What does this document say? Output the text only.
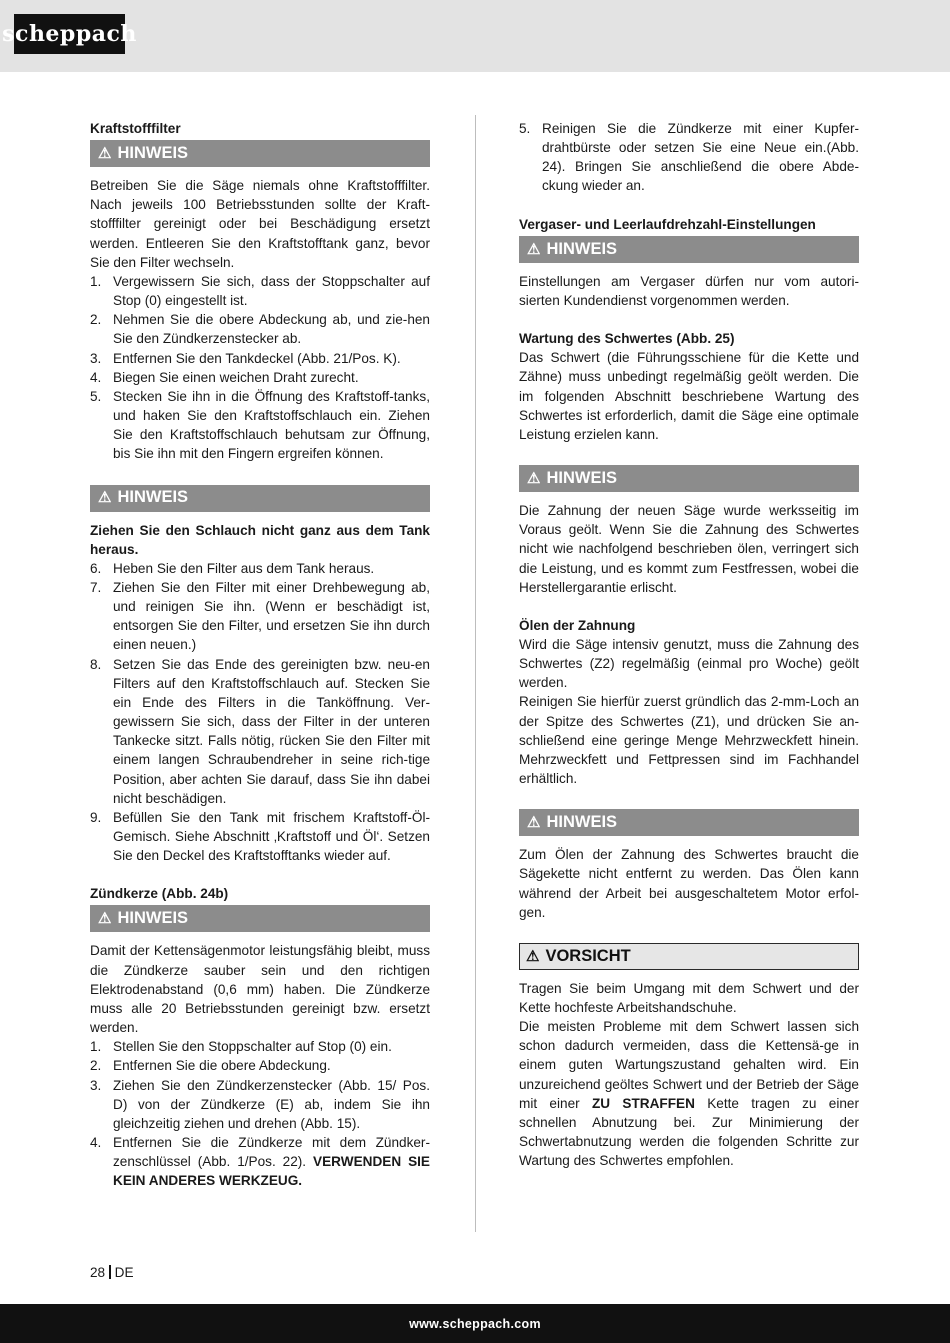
scheppach
Kraftstofffilter
⚠ HINWEIS

Betreiben Sie die Säge niemals ohne Kraftstofffilter. Nach jeweils 100 Betriebsstunden sollte der Kraft-stofffilter gereinigt oder bei Beschädigung ersetzt werden. Entleeren Sie den Kraftstofftank ganz, bevor Sie den Filter wechseln.

1. Vergewissern Sie sich, dass der Stoppschalter auf Stop (0) eingestellt ist.
2. Nehmen Sie die obere Abdeckung ab, und zie-hen Sie den Zündkerzenstecker ab.
3. Entfernen Sie den Tankdeckel (Abb. 21/Pos. K).
4. Biegen Sie einen weichen Draht zurecht.
5. Stecken Sie ihn in die Öffnung des Kraftstoff-tanks, und haken Sie den Kraftstoffschlauch ein. Ziehen Sie den Kraftstoffschlauch behutsam zur Öffnung, bis Sie ihn mit den Fingern ergreifen können.
⚠ HINWEIS

Ziehen Sie den Schlauch nicht ganz aus dem Tank heraus.

6. Heben Sie den Filter aus dem Tank heraus.
7. Ziehen Sie den Filter mit einer Drehbewegung ab, und reinigen Sie ihn. (Wenn er beschädigt ist, entsorgen Sie den Filter, und ersetzen Sie ihn durch einen neuen.)
8. Setzen Sie das Ende des gereinigten bzw. neu-en Filters auf den Kraftstoffschlauch auf. Stecken Sie ein Ende des Filters in die Tanköffnung. Ver-gewissern Sie sich, dass der Filter in der unteren Tankecke sitzt. Falls nötig, rücken Sie den Filter mit einem langen Schraubendreher in seine rich-tige Position, aber achten Sie darauf, dass Sie ihn dabei nicht beschädigen.
9. Befüllen Sie den Tank mit frischem Kraftstoff-Öl-Gemisch. Siehe Abschnitt ‚Kraftstoff und Öl‘. Setzen Sie den Deckel des Kraftstofftanks wieder auf.
Zündkerze (Abb. 24b)
⚠ HINWEIS

Damit der Kettensägenmotor leistungsfähig bleibt, muss die Zündkerze sauber sein und den richtigen Elektrodenabstand (0,6 mm) haben. Die Zündkerze muss alle 20 Betriebsstunden gereinigt bzw. ersetzt werden.

1. Stellen Sie den Stoppschalter auf Stop (0) ein.
2. Entfernen Sie die obere Abdeckung.
3. Ziehen Sie den Zündkerzenstecker (Abb. 15/ Pos. D) von der Zündkerze (E) ab, indem Sie ihn gleichzeitig ziehen und drehen (Abb. 15).
4. Entfernen Sie die Zündkerze mit dem Zündker-zenschlüssel (Abb. 1/Pos. 22). VERWENDEN SIE KEIN ANDERES WERKZEUG.
5. Reinigen Sie die Zündkerze mit einer Kupfer-drahtbürste oder setzen Sie eine Neue ein.(Abb. 24). Bringen Sie anschließend die obere Abde-ckung wieder an.
Vergaser- und Leerlaufdrehzahl-Einstellungen
⚠ HINWEIS

Einstellungen am Vergaser dürfen nur vom autori-sierten Kundendienst vorgenommen werden.

Wartung des Schwertes (Abb. 25)

Das Schwert (die Führungsschiene für die Kette und Zähne) muss unbedingt regelmäßig geölt werden. Die im folgenden Abschnitt beschriebene Wartung des Schwertes ist erforderlich, damit die Säge eine optimale Leistung erzielen kann.

⚠ HINWEIS

Die Zahnung der neuen Säge wurde werksseitig im Voraus geölt. Wenn Sie die Zahnung des Schwertes nicht wie nachfolgend beschrieben ölen, verringert sich die Leistung, und es kommt zum Festfressen, wobei die Herstellergarantie erlischt.

Ölen der Zahnung

Wird die Säge intensiv genutzt, muss die Zahnung des Schwertes (Z2) regelmäßig (einmal pro Woche) geölt werden.

Reinigen Sie hierfür zuerst gründlich das 2-mm-Loch an der Spitze des Schwertes (Z1), und drücken Sie an-schließend eine geringe Menge Mehrzweckfett hinein. Mehrzweckfett und Fettpressen sind im Fachhandel erhältlich.

⚠ HINWEIS

Zum Ölen der Zahnung des Schwertes braucht die Sägekette nicht entfernt zu werden. Das Ölen kann während der Arbeit bei ausgeschaltetem Motor erfol-gen.

⚠ VORSICHT

Tragen Sie beim Umgang mit dem Schwert und der Kette hochfeste Arbeitshandschuhe.

Die meisten Probleme mit dem Schwert lassen sich schon dadurch vermeiden, dass die Kettensä-ge in einem guten Wartungszustand gehalten wird. Ein unzureichend geöltes Schwert und der Betrieb der Säge mit einer ZU STRAFFEN Kette tragen zu einer schnellen Abnutzung bei. Zur Minimierung der Schwertabnutzung werden die folgenden Schritte zur Wartung des Schwertes empfohlen.

28 DE
www.scheppach.com
